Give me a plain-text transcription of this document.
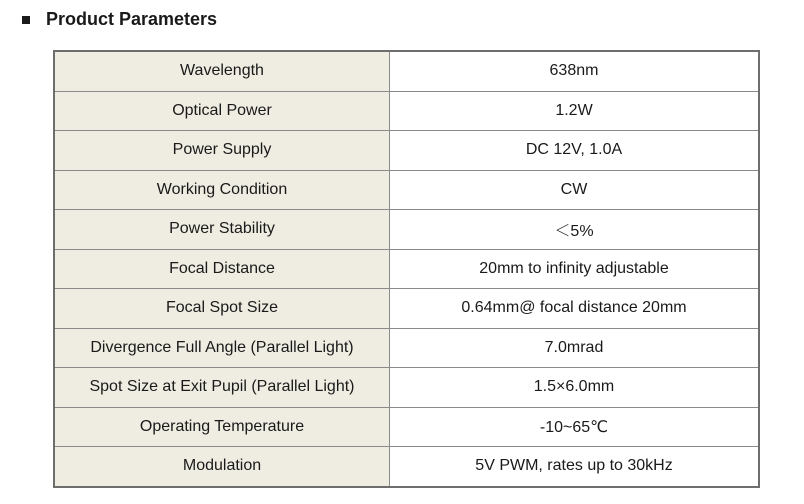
Product Parameters
Wavelength	638nm
Optical Power	1.2W
Power Supply	DC 12V, 1.0A
Working Condition	CW
Power Stability	＜5%
Focal Distance	20mm to infinity adjustable
Focal Spot Size	0.64mm@ focal distance 20mm
Divergence Full Angle (Parallel Light)	7.0mrad
Spot Size at Exit Pupil (Parallel Light)	1.5×6.0mm
Operating Temperature	-10~65℃
Modulation	5V PWM, rates up to 30kHz
